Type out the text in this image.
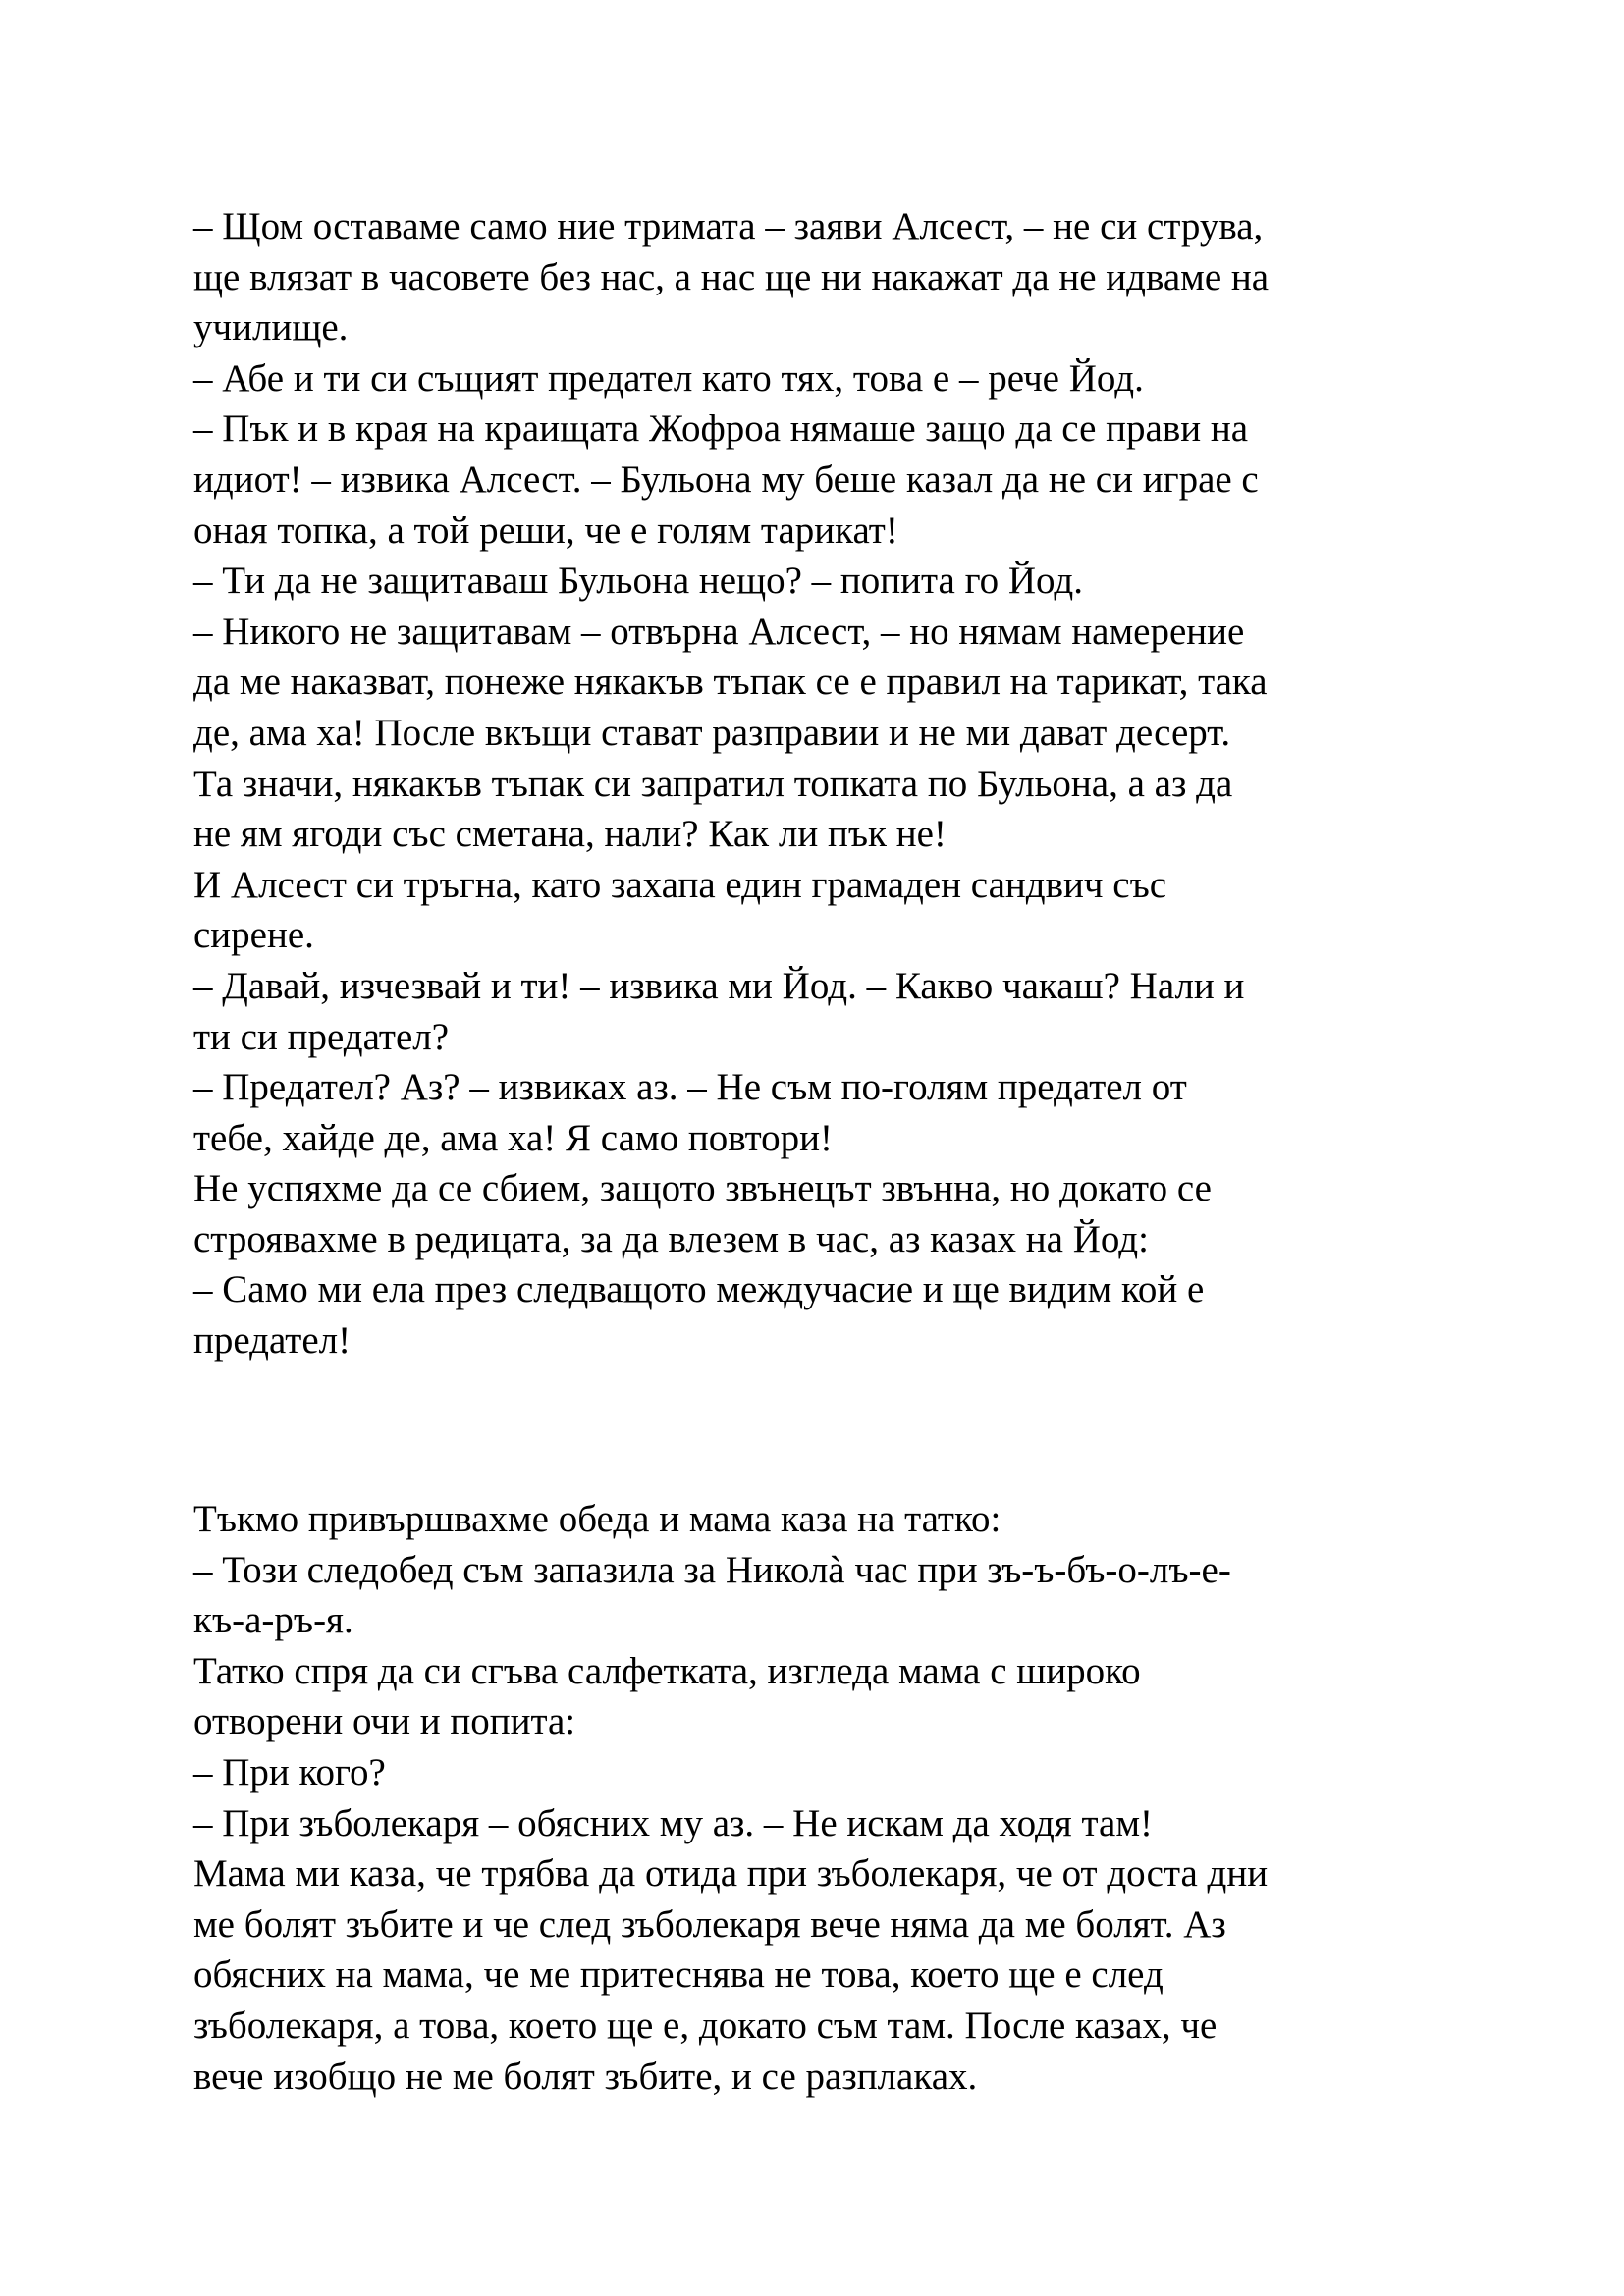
– Щом оставаме само ние тримата – заяви Алсест, – не си струва,
ще влязат в часовете без нас, а нас ще ни накажат да не идваме на
училище.
– Абе и ти си същият предател като тях, това е – рече Йод.
– Пък и в края на краищата Жофроа нямаше защо да се прави на
идиот! – извика Алсест. – Бульона му беше казал да не си играе с
оная топка, а той реши, че е голям тарикат!
– Ти да не защитаваш Бульона нещо? – попита го Йод.
– Никого не защитавам – отвърна Алсест, – но нямам намерение
да ме наказват, понеже някакъв тъпак се е правил на тарикат, така
де, ама ха! После вкъщи стават разправии и не ми дават десерт.
Та значи, някакъв тъпак си запратил топката по Бульона, а аз да
не ям ягоди със сметана, нали? Как ли пък не!
И Алсест си тръгна, като захапа един грамаден сандвич със
сирене.
– Давай, изчезвай и ти! – извика ми Йод. – Какво чакаш? Нали и
ти си предател?
– Предател? Аз? – извиках аз. – Не съм по-голям предател от
тебе, хайде де, ама ха! Я само повтори!
Не успяхме да се сбием, защото звънецът звънна, но докато се
строявахме в редицата, за да влезем в час, аз казах на Йод:
– Само ми ела през следващото междучасие и ще видим кой е
предател!
Тъкмо привършвахме обеда и мама каза на татко:
– Този следобед съм запазила за Николà час при зъ-ъ-бъ-о-лъ-е-
къ-а-ръ-я.
Татко спря да си сгъва салфетката, изгледа мама с широко
отворени очи и попита:
– При кого?
– При зъболекаря – обясних му аз. – Не искам да ходя там!
Мама ми каза, че трябва да отида при зъболекаря, че от доста дни
ме болят зъбите и че след зъболекаря вече няма да ме болят. Аз
обясних на мама, че ме притеснява не това, което ще е след
зъболекаря, а това, което ще е, докато съм там. После казах, че
вече изобщо не ме болят зъбите, и се разплаках.
